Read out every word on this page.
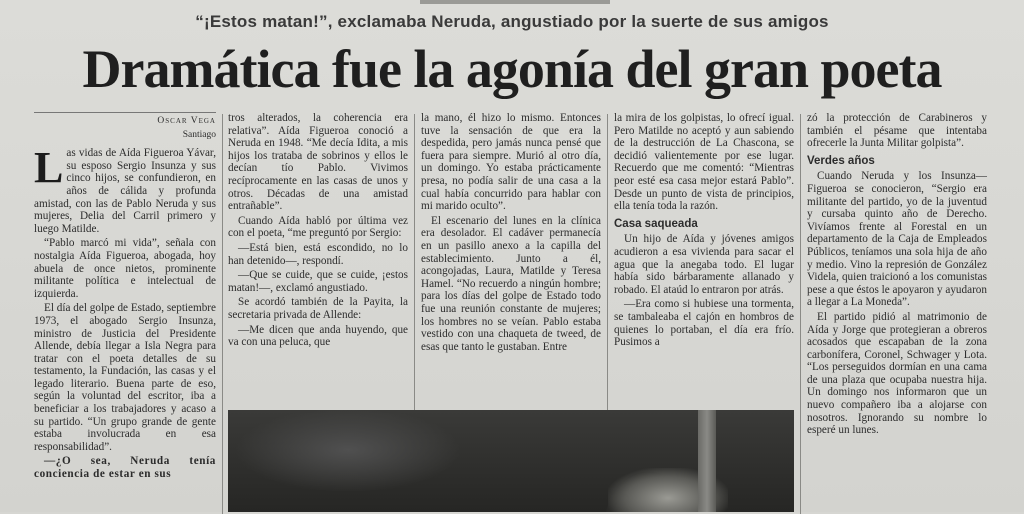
“¡Estos matan!”, exclamaba Neruda, angustiado por la suerte de sus amigos
Dramática fue la agonía del gran poeta
Oscar Vega
Santiago

Las vidas de Aída Figueroa Yávar, su esposo Sergio Insunza y sus cinco hijos, se confundieron, en años de cálida y profunda amistad, con las de Pablo Neruda y sus mujeres, Delia del Carril primero y luego Matilde.

“Pablo marcó mi vida”, señala con nostalgia Aída Figueroa, abogada, hoy abuela de once nietos, prominente militante política e intelectual de izquierda.

El día del golpe de Estado, septiembre 1973, el abogado Sergio Insunza, ministro de Justicia del Presidente Allende, debía llegar a Isla Negra para tratar con el poeta detalles de su testamento, la Fundación, las casas y el legado literario. Buena parte de eso, según la voluntad del escritor, iba a beneficiar a los trabajadores y acaso a su partido. “Un grupo grande de gente estaba involucrada en esa responsabilidad”.

—¿O sea, Neruda tenía conciencia de estar en sus

tros alterados, la coherencia era relativa”. Aída Figueroa conoció a Neruda en 1948. “Me decía Idita, a mis hijos los trataba de sobrinos y ellos le decían tío Pablo. Vivimos recíprocamente en las casas de unos y otros. Décadas de una amistad entrañable”.

Cuando Aída habló por última vez con el poeta, “me preguntó por Sergio:

—Está bien, está escondido, no lo han detenido—, respondí.

—Que se cuide, que se cuide, ¡estos matan!—, exclamó angustiado.

Se acordó también de la Payita, la secretaria privada de Allende:

—Me dicen que anda huyendo, que va con una peluca, que

la mano, él hizo lo mismo. Entonces tuve la sensación de que era la despedida, pero jamás nunca pensé que fuera para siempre. Murió al otro día, un domingo. Yo estaba prácticamente presa, no podía salir de una casa a la cual había concurrido para hablar con mi marido oculto”.

El escenario del lunes en la clínica era desolador. El cadáver permanecía en un pasillo anexo a la capilla del establecimiento. Junto a él, acongojadas, Laura, Matilde y Teresa Hamel. “No recuerdo a ningún hombre; para los días del golpe de Estado todo fue una reunión constante de mujeres; los hombres no se veían. Pablo estaba vestido con una chaqueta de tweed, de esas que tanto le gustaban. Entre

la mira de los golpistas, lo ofrecí igual. Pero Matilde no aceptó y aun sabiendo de la destrucción de La Chascona, se decidió valientemente por ese lugar. Recuerdo que me comentó: “Mientras peor esté esa casa mejor estará Pablo”. Desde un punto de vista de principios, ella tenía toda la razón.

Casa saqueada

Un hijo de Aída y jóvenes amigos acudieron a esa vivienda para sacar el agua que la anegaba todo. El lugar había sido bárbaramente allanado y robado. El ataúd lo entraron por atrás.

—Era como si hubiese una tormenta, se tambaleaba el cajón en hombros de quienes lo portaban, el día era frío. Pusimos a

zó la protección de Carabineros y también el pésame que intentaba ofrecerle la Junta Militar golpista”.

Verdes años

Cuando Neruda y los Insunza—Figueroa se conocieron, “Sergio era militante del partido, yo de la juventud y cursaba quinto año de Derecho. Vivíamos frente al Forestal en un departamento de la Caja de Empleados Públicos, teníamos una sola hija de año y medio. Vino la represión de González Videla, quien traicionó a los comunistas pese a que éstos le apoyaron y ayudaron a llegar a La Moneda”.

El partido pidió al matrimonio de Aída y Jorge que protegieran a obreros acosados que escapaban de la zona carbonífera, Coronel, Schwager y Lota. “Los perseguidos dormían en una cama de una plaza que ocupaba nuestra hija. Un domingo nos informaron que un nuevo compañero iba a alojarse con nosotros. Ignorando su nombre lo esperé un lunes.
